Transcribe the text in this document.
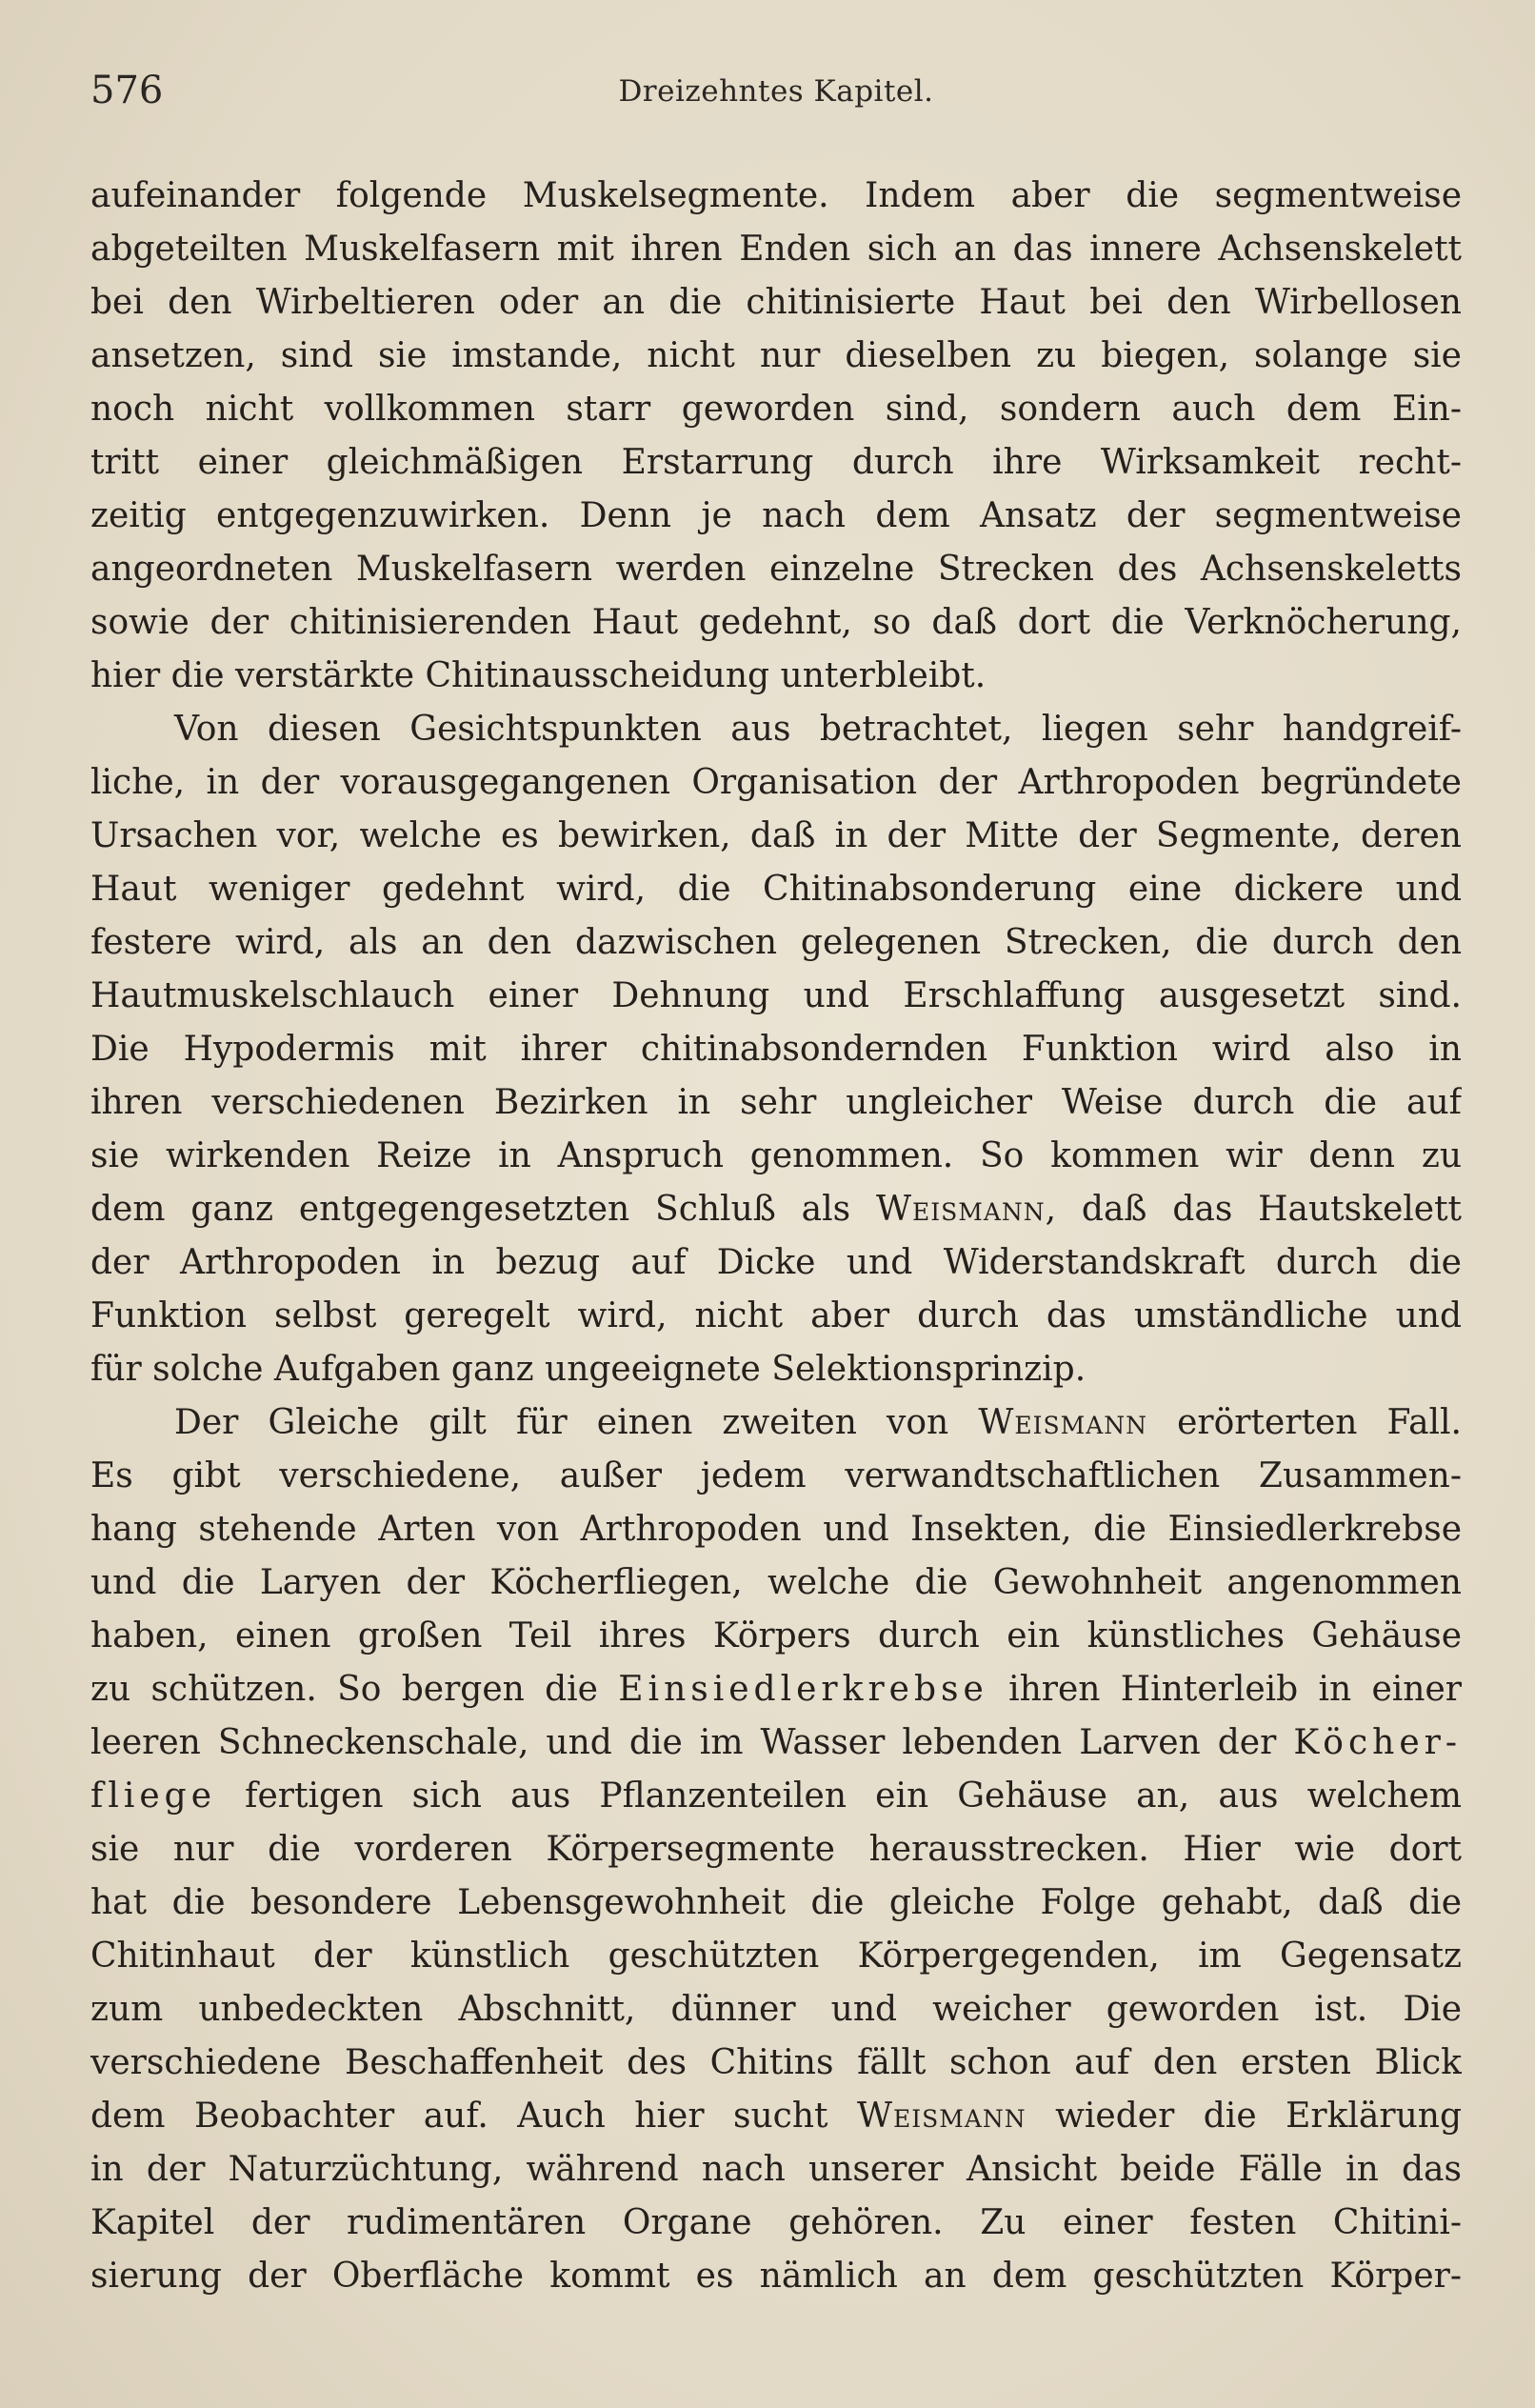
576	Dreizehntes Kapitel.
aufeinander folgende Muskelsegmente. Indem aber die segmentweise
abgeteilten Muskelfasern mit ihren Enden sich an das innere Achsenskelett
bei den Wirbeltieren oder an die chitinisierte Haut bei den Wirbellosen
ansetzen, sind sie imstande, nicht nur dieselben zu biegen, solange sie
noch nicht vollkommen starr geworden sind, sondern auch dem Ein-
tritt einer gleichmäßigen Erstarrung durch ihre Wirksamkeit recht-
zeitig entgegenzuwirken. Denn je nach dem Ansatz der segmentweise
angeordneten Muskelfasern werden einzelne Strecken des Achsenskeletts
sowie der chitinisierenden Haut gedehnt, so daß dort die Verknöcherung,
hier die verstärkte Chitinausscheidung unterbleibt.
Von diesen Gesichtspunkten aus betrachtet, liegen sehr handgreif-
liche, in der vorausgegangenen Organisation der Arthropoden begründete
Ursachen vor, welche es bewirken, daß in der Mitte der Segmente, deren
Haut weniger gedehnt wird, die Chitinabsonderung eine dickere und
festere wird, als an den dazwischen gelegenen Strecken, die durch den
Hautmuskelschlauch einer Dehnung und Erschlaffung ausgesetzt sind.
Die Hypodermis mit ihrer chitinabsondernden Funktion wird also in
ihren verschiedenen Bezirken in sehr ungleicher Weise durch die auf
sie wirkenden Reize in Anspruch genommen. So kommen wir denn zu
dem ganz entgegengesetzten Schluß als Weismann, daß das Hautskelett
der Arthropoden in bezug auf Dicke und Widerstandskraft durch die
Funktion selbst geregelt wird, nicht aber durch das umständliche und
für solche Aufgaben ganz ungeeignete Selektionsprinzip.
Der Gleiche gilt für einen zweiten von Weismann erörterten Fall.
Es gibt verschiedene, außer jedem verwandtschaftlichen Zusammen-
hang stehende Arten von Arthropoden und Insekten, die Einsiedlerkrebse
und die Laryen der Köcherfliegen, welche die Gewohnheit angenommen
haben, einen großen Teil ihres Körpers durch ein künstliches Gehäuse
zu schützen. So bergen die Einsiedlerkrebse ihren Hinterleib in einer
leeren Schneckenschale, und die im Wasser lebenden Larven der Köcher-
fliege fertigen sich aus Pflanzenteilen ein Gehäuse an, aus welchem
sie nur die vorderen Körpersegmente herausstrecken. Hier wie dort
hat die besondere Lebensgewohnheit die gleiche Folge gehabt, daß die
Chitinhaut der künstlich geschützten Körpergegenden, im Gegensatz
zum unbedeckten Abschnitt, dünner und weicher geworden ist. Die
verschiedene Beschaffenheit des Chitins fällt schon auf den ersten Blick
dem Beobachter auf. Auch hier sucht Weismann wieder die Erklärung
in der Naturzüchtung, während nach unserer Ansicht beide Fälle in das
Kapitel der rudimentären Organe gehören. Zu einer festen Chitini-
sierung der Oberfläche kommt es nämlich an dem geschützten Körper-
